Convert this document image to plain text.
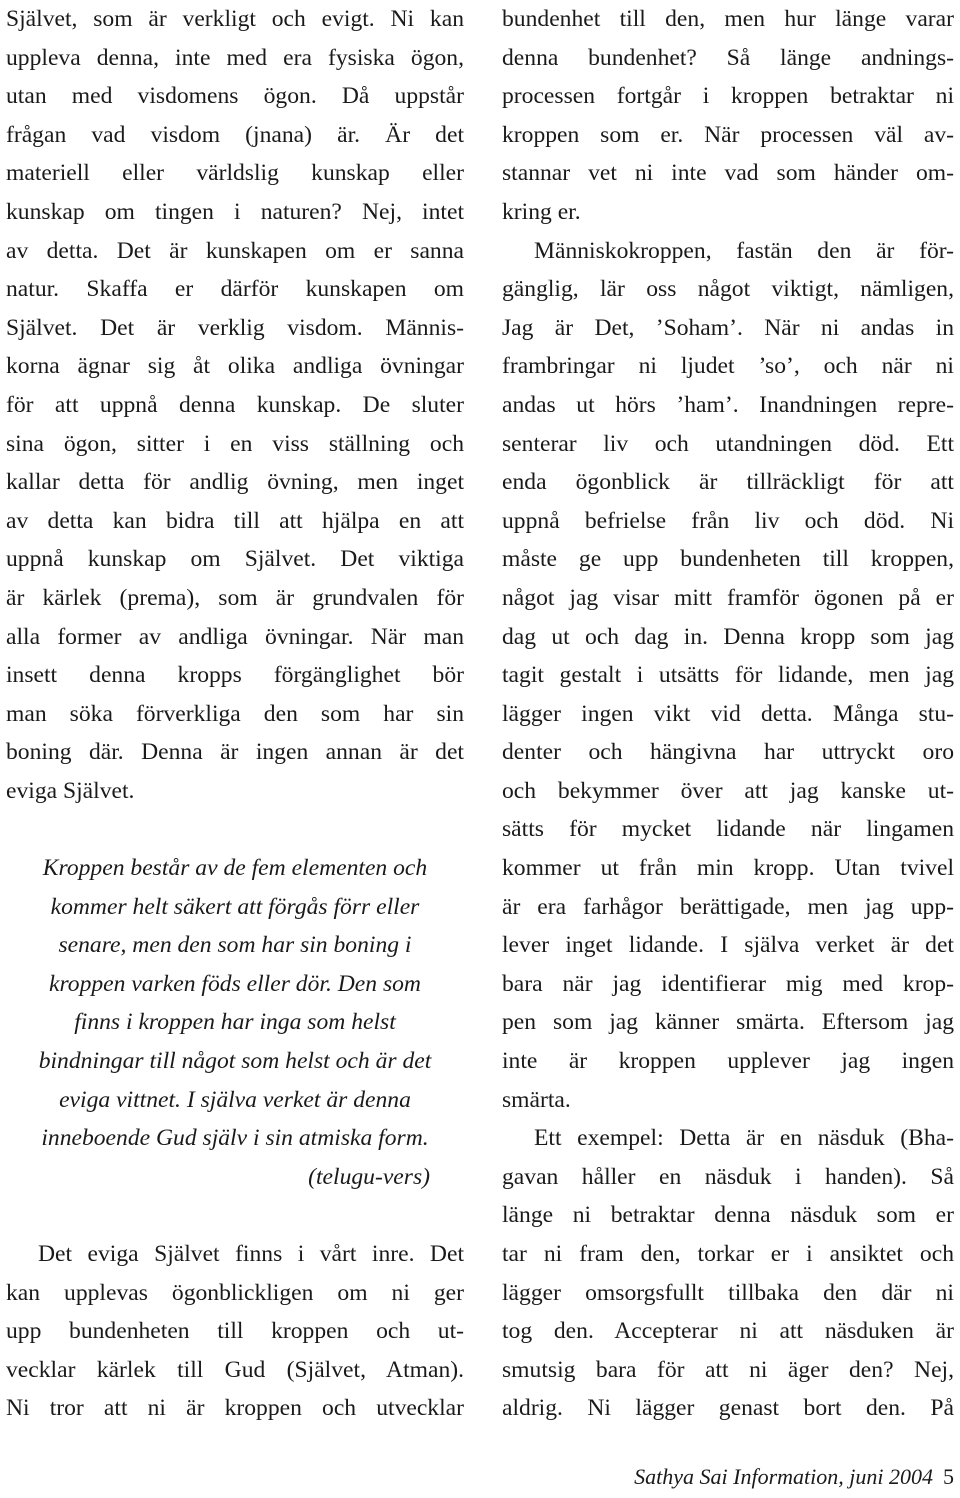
Självet, som är verkligt och evigt. Ni kan
uppleva denna, inte med era fysiska ögon,
utan med visdomens ögon. Då uppstår
frågan vad visdom (jnana) är. Är det
materiell eller världslig kunskap eller
kunskap om tingen i naturen? Nej, intet
av detta. Det är kunskapen om er sanna
natur. Skaffa er därför kunskapen om
Självet. Det är verklig visdom. Männis-
korna ägnar sig åt olika andliga övningar
för att uppnå denna kunskap. De sluter
sina ögon, sitter i en viss ställning och
kallar detta för andlig övning, men inget
av detta kan bidra till att hjälpa en att
uppnå kunskap om Självet. Det viktiga
är kärlek (prema), som är grundvalen för
alla former av andliga övningar. När man
insett denna kropps förgänglighet bör
man söka förverkliga den som har sin
boning där. Denna är ingen annan är det
eviga Självet.
Kroppen består av de fem elementen och
kommer helt säkert att förgås förr eller
senare, men den som har sin boning i
kroppen varken föds eller dör. Den som
finns i kroppen har inga som helst
bindningar till något som helst och är det
eviga vittnet. I själva verket är denna
inneboende Gud själv i sin atmiska form.
(telugu-vers)
Det eviga Självet finns i vårt inre. Det
kan upplevas ögonblickligen om ni ger
upp bundenheten till kroppen och ut-
vecklar kärlek till Gud (Självet, Atman).
Ni tror att ni är kroppen och utvecklar
bundenhet till den, men hur länge varar
denna bundenhet? Så länge andnings-
processen fortgår i kroppen betraktar ni
kroppen som er. När processen väl av-
stannar vet ni inte vad som händer om-
kring er.
Människokroppen, fastän den är för-
gänglig, lär oss något viktigt, nämligen,
Jag är Det, ’Soham’. När ni andas in
frambringar ni ljudet ’so’, och när ni
andas ut hörs ’ham’. Inandningen repre-
senterar liv och utandningen död. Ett
enda ögonblick är tillräckligt för att
uppnå befrielse från liv och död. Ni
måste ge upp bundenheten till kroppen,
något jag visar mitt framför ögonen på er
dag ut och dag in. Denna kropp som jag
tagit gestalt i utsätts för lidande, men jag
lägger ingen vikt vid detta. Många stu-
denter och hängivna har uttryckt oro
och bekymmer över att jag kanske ut-
sätts för mycket lidande när lingamen
kommer ut från min kropp. Utan tvivel
är era farhågor berättigade, men jag upp-
lever inget lidande. I själva verket är det
bara när jag identifierar mig med krop-
pen som jag känner smärta. Eftersom jag
inte är kroppen upplever jag ingen
smärta.
Ett exempel: Detta är en näsduk (Bha-
gavan håller en näsduk i handen). Så
länge ni betraktar denna näsduk som er
tar ni fram den, torkar er i ansiktet och
lägger omsorgsfullt tillbaka den där ni
tog den. Accepterar ni att näsduken är
smutsig bara för att ni äger den? Nej,
aldrig. Ni lägger genast bort den. På
Sathya Sai Information, juni 2004 5
